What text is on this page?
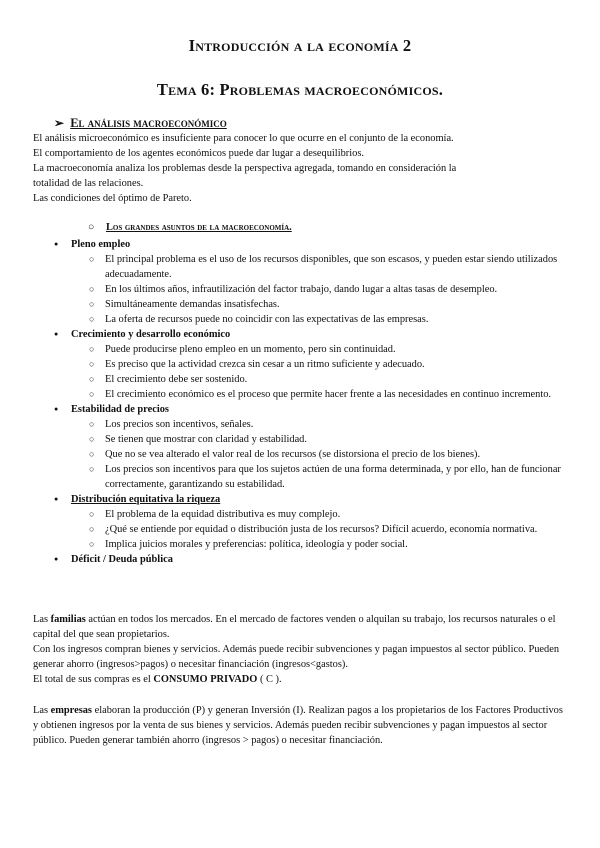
Introducción a la economía 2
Tema 6: Problemas macroeconómicos.
➢ El análisis macroeconómico
El análisis microeconómico es insuficiente para conocer lo que ocurre en el conjunto de la economía.
El comportamiento de los agentes económicos puede dar lugar a desequilibrios.
La macroeconomía analiza los problemas desde la perspectiva agregada, tomando en consideración la
totalidad de las relaciones.
Las condiciones del óptimo de Pareto.
○ Los grandes asuntos de la macroeconomía.
● Pleno empleo
○ El principal problema es el uso de los recursos disponibles, que son escasos, y pueden estar siendo utilizados adecuadamente.
○ En los últimos años, infrautilización del factor trabajo, dando lugar a altas tasas de desempleo.
○ Simultáneamente demandas insatisfechas.
○ La oferta de recursos puede no coincidir con las expectativas de las empresas.
● Crecimiento y desarrollo económico
○ Puede producirse pleno empleo en un momento, pero sin continuidad.
○ Es preciso que la actividad crezca sin cesar a un ritmo suficiente y adecuado.
○ El crecimiento debe ser sostenido.
○ El crecimiento económico es el proceso que permite hacer frente a las necesidades en continuo incremento.
● Estabilidad de precios
○ Los precios son incentivos, señales.
○ Se tienen que mostrar con claridad y estabilidad.
○ Que no se vea alterado el valor real de los recursos (se distorsiona el precio de los bienes).
○ Los precios son incentivos para que los sujetos actúen de una forma determinada, y por ello, han de funcionar correctamente, garantizando su estabilidad.
● Distribución equitativa la riqueza
○ El problema de la equidad distributiva es muy complejo.
○ ¿Qué se entiende por equidad o distribución justa de los recursos? Difícil acuerdo, economía normativa.
○ Implica juicios morales y preferencias: política, ideología y poder social.
● Déficit / Deuda pública

Las familias actúan en todos los mercados. En el mercado de factores venden o alquilan su trabajo, los recursos naturales o el capital del que sean propietarios.

Con los ingresos compran bienes y servicios. Además puede recibir subvenciones y pagan impuestos al sector público. Pueden generar ahorro (ingresos>pagos) o necesitar financiación (ingresos<gastos).

El total de sus compras es el CONSUMO PRIVADO ( C ).

Las empresas elaboran la producción (P) y generan Inversión (I). Realizan pagos a los propietarios de los Factores Productivos y obtienen ingresos por la venta de sus bienes y servicios. Además pueden recibir subvenciones y pagan impuestos al sector público. Pueden generar también ahorro (ingresos > pagos) o necesitar financiación.
